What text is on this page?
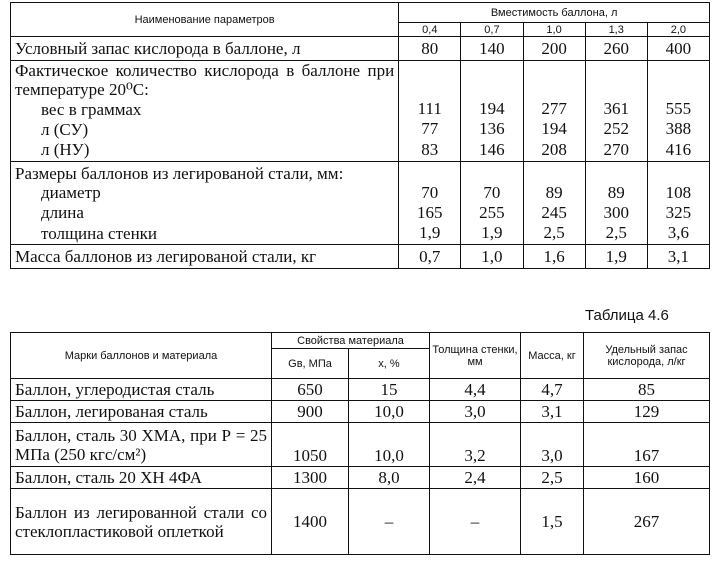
Наименование параметров	Вместимость баллона, л				
	0,4	0,7	1,0	1,3	2,0
Условный запас кислорода в баллоне, л	80	140	200	260	400
Фактическое количество кислорода в баллоне при температуре 20⁰С:					
вес в граммах	111	194	277	361	555
л (СУ)	77	136	194	252	388
л (НУ)	83	146	208	270	416
Размеры баллонов из легированой стали, мм:					
диаметр	70	70	89	89	108
длина	165	255	245	300	325
толщина стенки	1,9	1,9	2,5	2,5	3,6
Масса баллонов из легированой стали, кг	0,7	1,0	1,6	1,9	3,1
Таблица 4.6
Марки баллонов и материала	Свойства материала		Толщина стенки, мм	Масса, кг	Удельный запас кислорода, л/кг
	Gв, МПа	х, %			
Баллон, углеродистая сталь	650	15	4,4	4,7	85
Баллон, легированая сталь	900	10,0	3,0	3,1	129
Баллон, сталь 30 ХМА, при Р = 25 МПа (250 кгс/см²)	1050	10,0	3,2	3,0	167
Баллон, сталь 20 ХН 4ФА	1300	8,0	2,4	2,5	160
Баллон из легированной стали со стеклопластиковой оплеткой	1400	–	–	1,5	267
